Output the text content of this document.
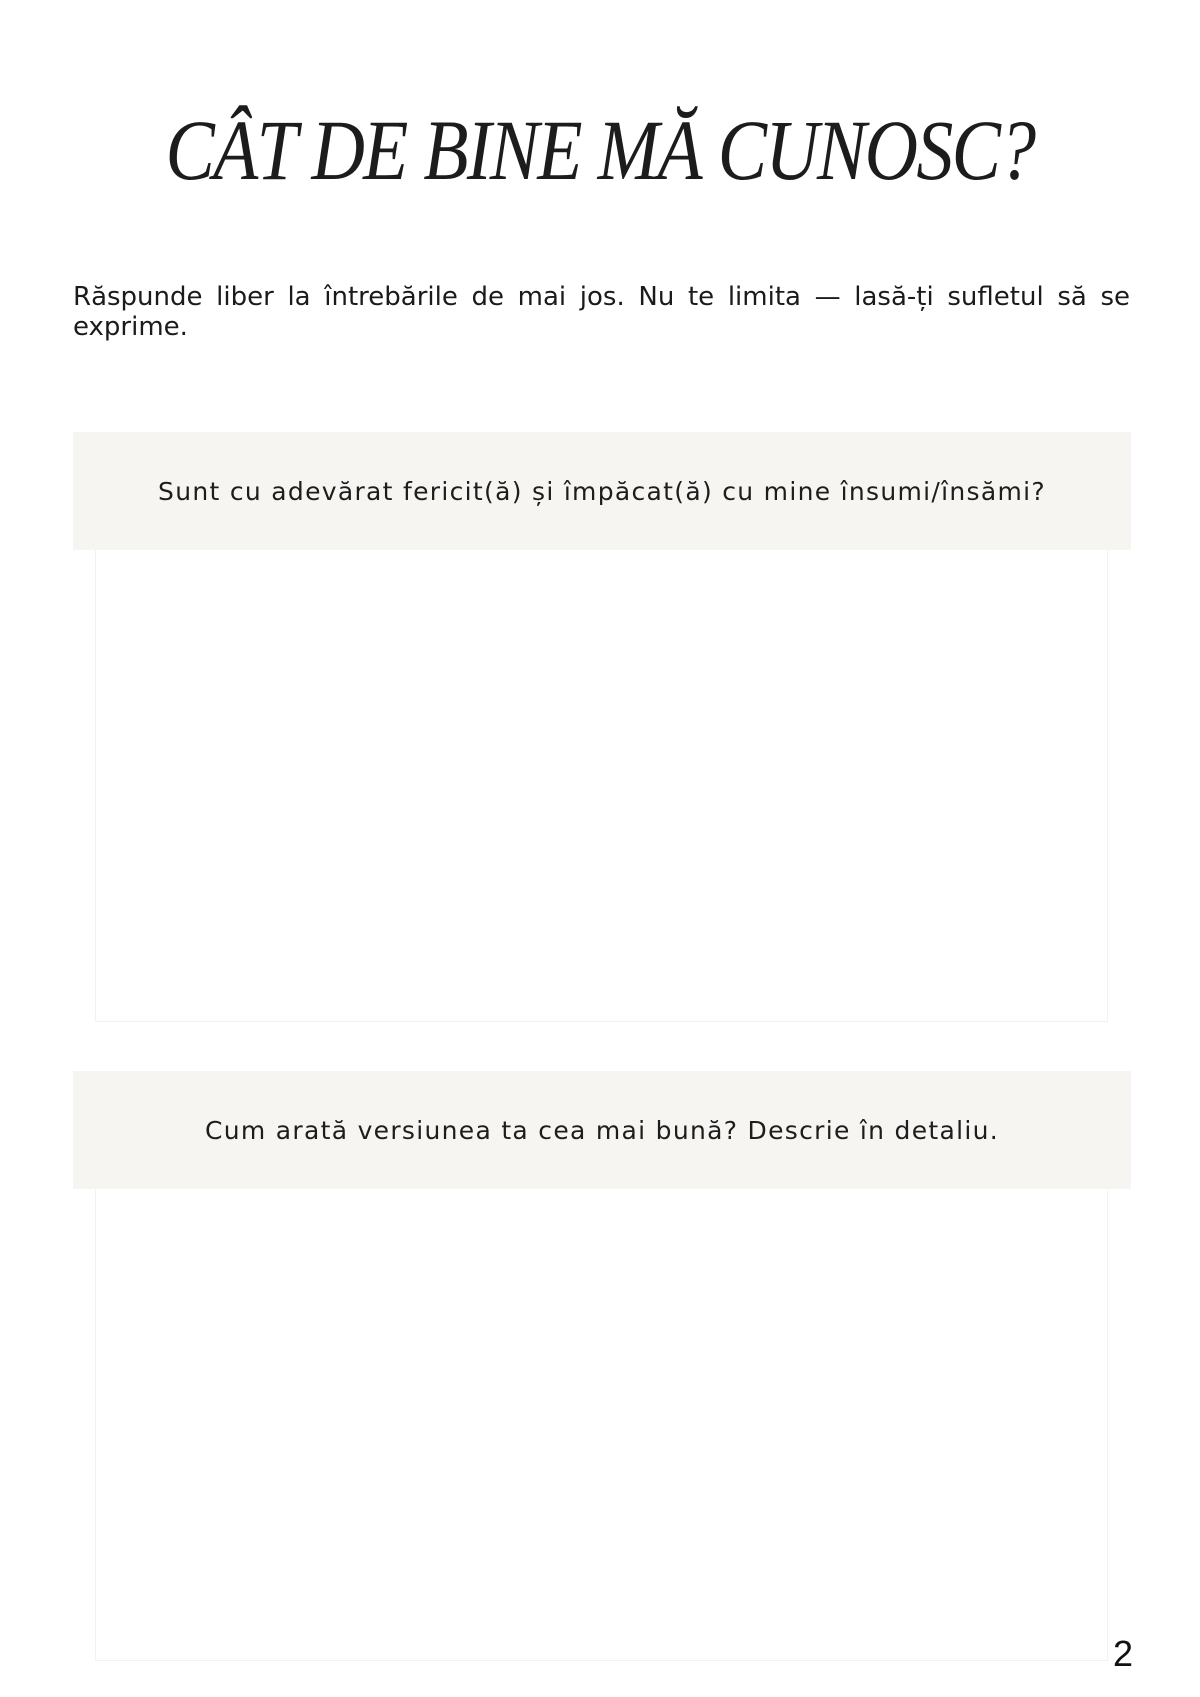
CÂT DE BINE MĂ CUNOSC?

Răspunde liber la întrebările de mai jos. Nu te limita — lasă-ți sufletul să se exprime.

Sunt cu adevărat fericit(ă) și împăcat(ă) cu mine însumi/însămi?
Cum arată versiunea ta cea mai bună? Descrie în detaliu.
2
